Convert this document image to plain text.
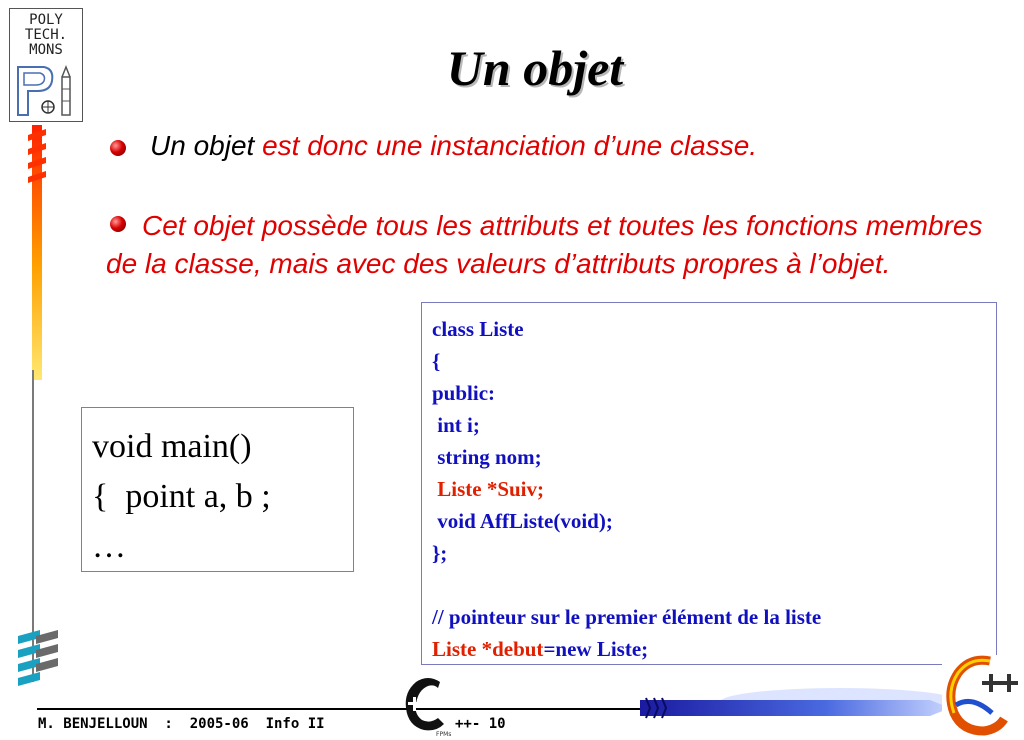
POLY
TECH.
MONS	Un objet
Un objet est donc une instanciation d’une classe.
Cet objet possède tous les attributs et toutes les fonctions membres de la classe, mais avec des valeurs d’attributs propres à l’objet.
void main()
{  point a, b ;
…
class Liste
{
public:
int i;
string nom;
Liste *Suiv;
void AffListe(void);
};
// pointeur sur le premier élément de la liste
Liste *debut=new Liste;
M. BENJELLOUN  :  2005-06  Info II
FPMs
++- 10
